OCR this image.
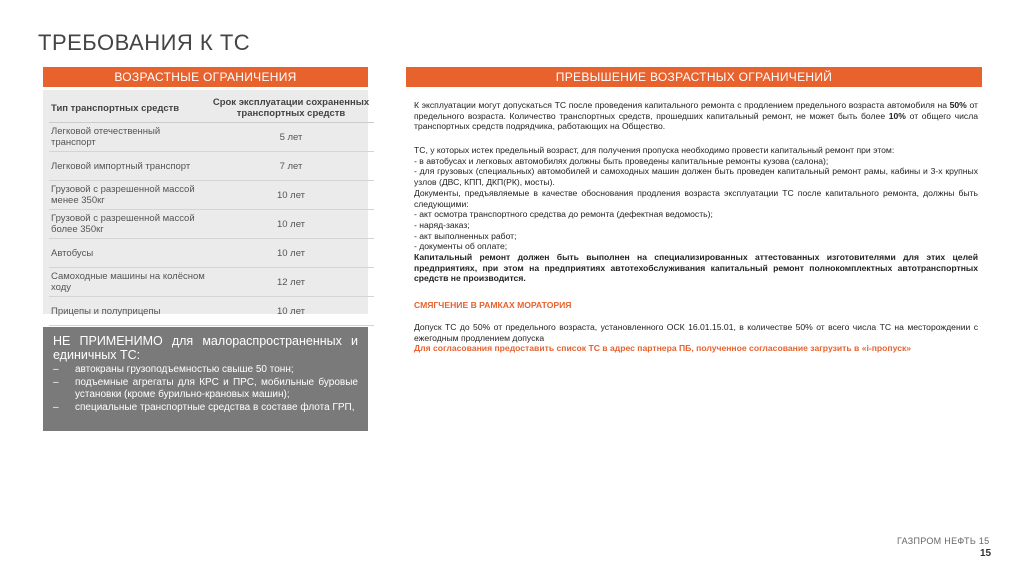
ТРЕБОВАНИЯ К ТС
ВОЗРАСТНЫЕ ОГРАНИЧЕНИЯ	ПРЕВЫШЕНИЕ ВОЗРАСТНЫХ ОГРАНИЧЕНИЙ
Тип транспортных средств	Срок эксплуатации сохраненных транспортных средств
Легковой отечественный транспорт	5 лет
Легковой импортный транспорт	7 лет
Грузовой с разрешенной массой менее 350кг	10 лет
Грузовой с разрешенной массой более 350кг	10 лет
Автобусы	10 лет
Самоходные машины на колёсном ходу	12 лет
Прицепы и полуприцепы	10 лет
НЕ ПРИМЕНИМО для малораспространенных и единичных ТС:
– автокраны грузоподъемностью свыше 50 тонн;
– подъемные агрегаты для КРС и ПРС, мобильные буровые установки (кроме бурильно-крановых машин);
– специальные транспортные средства в составе флота ГРП,

К эксплуатации могут допускаться ТС после проведения капитального ремонта с продлением предельного возраста автомобиля на 50% от предельного возраста. Количество транспортных средств, прошедших капитальный ремонт, не может быть более 10% от общего числа транспортных средств подрядчика, работающих на Общество.

ТС, у которых истек предельный возраст, для получения пропуска необходимо провести капитальный ремонт при этом:

- в автобусах и легковых автомобилях должны быть проведены капитальные ремонты кузова (салона);

- для грузовых (специальных) автомобилей и самоходных машин должен быть проведен капитальный ремонт рамы, кабины и 3-х крупных узлов (ДВС, КПП, ДКП(РК), мосты).

Документы, предъявляемые в качестве обоснования продления возраста эксплуатации ТС после капитального ремонта, должны быть следующими:

- акт осмотра транспортного средства до ремонта (дефектная ведомость);

- наряд-заказ;

- акт выполненных работ;

- документы об оплате;

Капитальный ремонт должен быть выполнен на специализированных аттестованных изготовителями для этих целей предприятиях, при этом на предприятиях автотехобслуживания капитальный ремонт полнокомплектных автотранспортных средств не производится.

СМЯГЧЕНИЕ В РАМКАХ МОРАТОРИЯ

Допуск ТС до 50% от предельного возраста, установленного ОСК 16.01.15.01, в количестве 50% от всего числа ТС на месторождении с ежегодным продлением допуска

Для согласования предоставить список ТС в адрес партнера ПБ, полученное согласование загрузить в «i-пропуск»

ГАЗПРОМ НЕФТЬ 15
15
